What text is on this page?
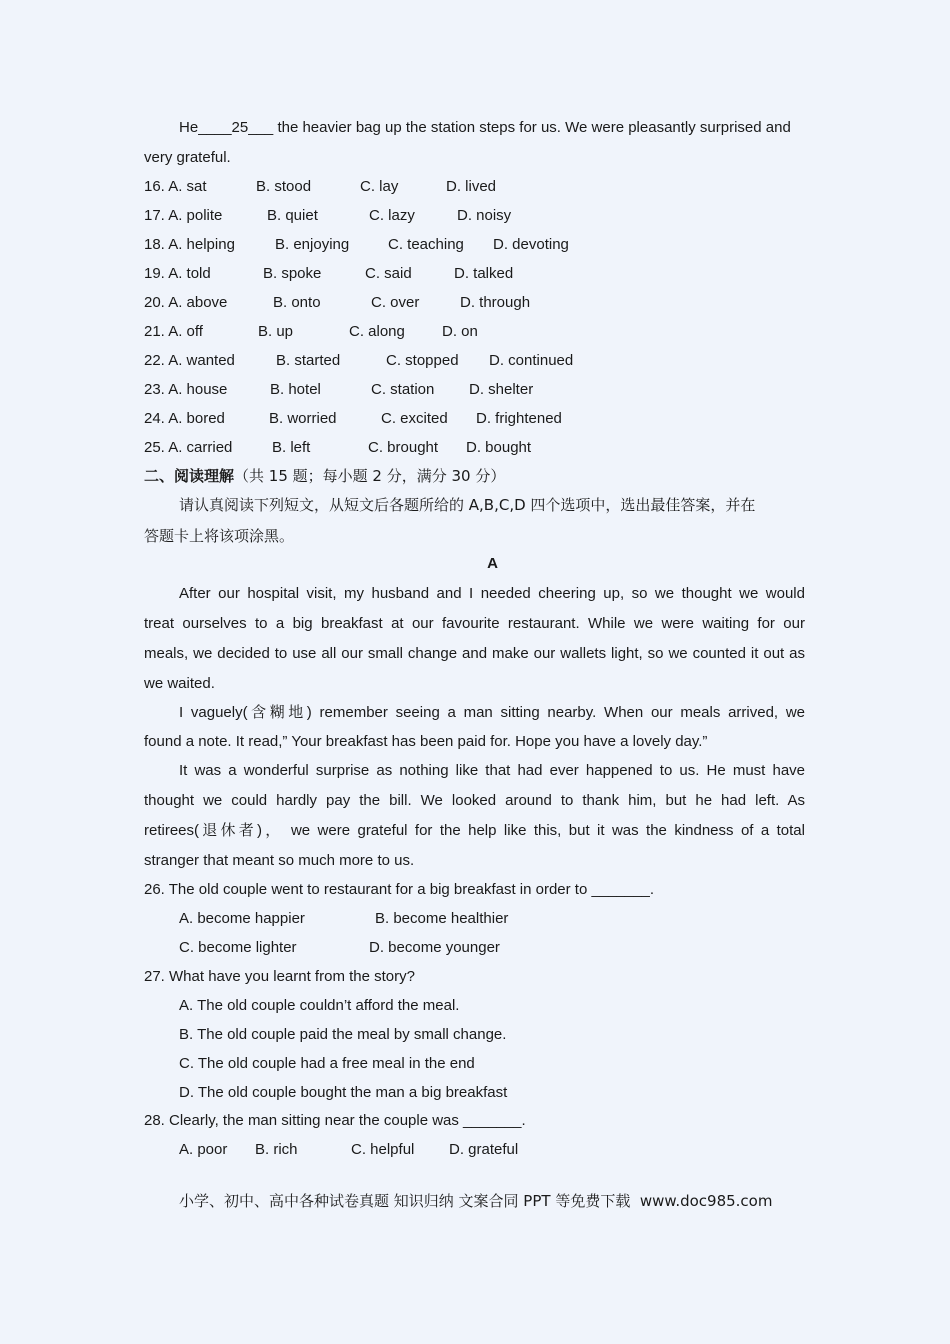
He____25___ the heavier bag up the station steps for us. We were pleasantly surprised and
very grateful.
16. A. sat	B. stood	C. lay	D. lived
17. A. polite	B. quiet	C. lazy	D. noisy
18. A. helping	B. enjoying	C. teaching D. devoting
19. A. told	B. spoke	C. said	D. talked
20. A. above	B. onto	C. over	D. through
21. A. off	B. up	C. along D. on
22. A. wanted	B. started	C. stopped D. continued
23. A. house	B. hotel	C. station D. shelter
24. A. bored	B. worried	C. excited D. frightened
25. A. carried	B. left	C. brought D. bought
二、阅读理解（共 15 题；每小题 2 分，满分 30 分）
请认真阅读下列短文，从短文后各题所给的 A,B,C,D 四个选项中，选出最佳答案，并在
答题卡上将该项涂黑。
A
After our hospital visit, my husband and I needed cheering up, so we thought we would
treat ourselves to a big breakfast at our favourite restaurant. While we were waiting for our
meals, we decided to use all our small change and make our wallets light, so we counted it out as
we waited.
I vaguely(含糊地) remember seeing a man sitting nearby. When our meals arrived, we
found a note. It read,” Your breakfast has been paid for. Hope you have a lovely day.”
It was a wonderful surprise as nothing like that had ever happened to us. He must have
thought we could hardly pay the bill. We looked around to thank him, but he had left. As
retirees(退休者)， we were grateful for the help like this, but it was the kindness of a total
stranger that meant so much more to us.
26. The old couple went to restaurant for a big breakfast in order to _______.
A. become happier	B. become healthier
C. become lighter	D. become younger
27. What have you learnt from the story?
A. The old couple couldn’t afford the meal.
B. The old couple paid the meal by small change.
C. The old couple had a free meal in the end
D. The old couple bought the man a big breakfast
28. Clearly, the man sitting near the couple was _______.
A. poor B. rich	C. helpful D. grateful
小学、初中、高中各种试卷真题 知识归纳 文案合同 PPT 等免费下载 www.doc985.com
